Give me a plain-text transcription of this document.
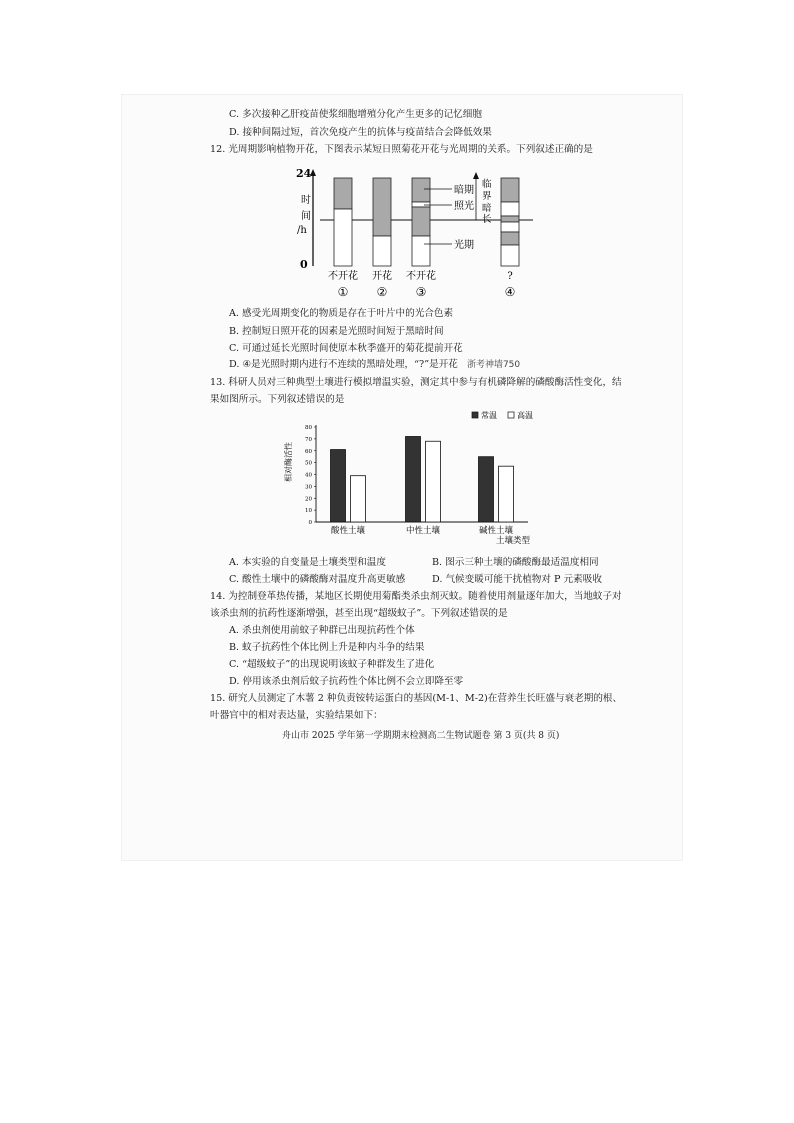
C. 多次接种乙肝疫苗使浆细胞增殖分化产生更多的记忆细胞
D. 接种间隔过短，首次免疫产生的抗体与疫苗结合会降低效果
12. 光周期影响植物开花，下图表示某短日照菊花开花与光周期的关系。下列叙述正确的是
24
0
时
间
/h
暗期
照光
光期
临
界
暗
长
不开花
①
开花
②
不开花
③
?
④
A. 感受光周期变化的物质是存在于叶片中的光合色素
B. 控制短日照开花的因素是光照时间短于黑暗时间
C. 可通过延长光照时间使原本秋季盛开的菊花提前开花
D. ④是光照时期内进行不连续的黑暗处理，“?”是开花 浙考神墙750
13. 科研人员对三种典型土壤进行模拟增温实验，测定其中参与有机磷降解的磷酸酶活性变化，结
果如图所示。下列叙述错误的是
相对酶活性
土壤类型
常温	高温
0
10
20
30
40
50
60
70
80
酸性土壤	中性土壤	碱性土壤
A. 本实验的自变量是土壤类型和温度	B. 图示三种土壤的磷酸酶最适温度相同
C. 酸性土壤中的磷酸酶对温度升高更敏感	D. 气候变暖可能干扰植物对 P 元素吸收
14. 为控制登革热传播，某地区长期使用菊酯类杀虫剂灭蚊。随着使用剂量逐年加大，当地蚊子对
该杀虫剂的抗药性逐渐增强，甚至出现“超级蚊子”。下列叙述错误的是
A. 杀虫剂使用前蚊子种群已出现抗药性个体
B. 蚊子抗药性个体比例上升是种内斗争的结果
C. “超级蚊子”的出现说明该蚊子种群发生了进化
D. 停用该杀虫剂后蚊子抗药性个体比例不会立即降至零
15. 研究人员测定了木薯 2 种负责铵转运蛋白的基因(M-1、M-2)在营养生长旺盛与衰老期的根、
叶器官中的相对表达量，实验结果如下：
舟山市 2025 学年第一学期期末检测高二生物试题卷 第 3 页(共 8 页)
